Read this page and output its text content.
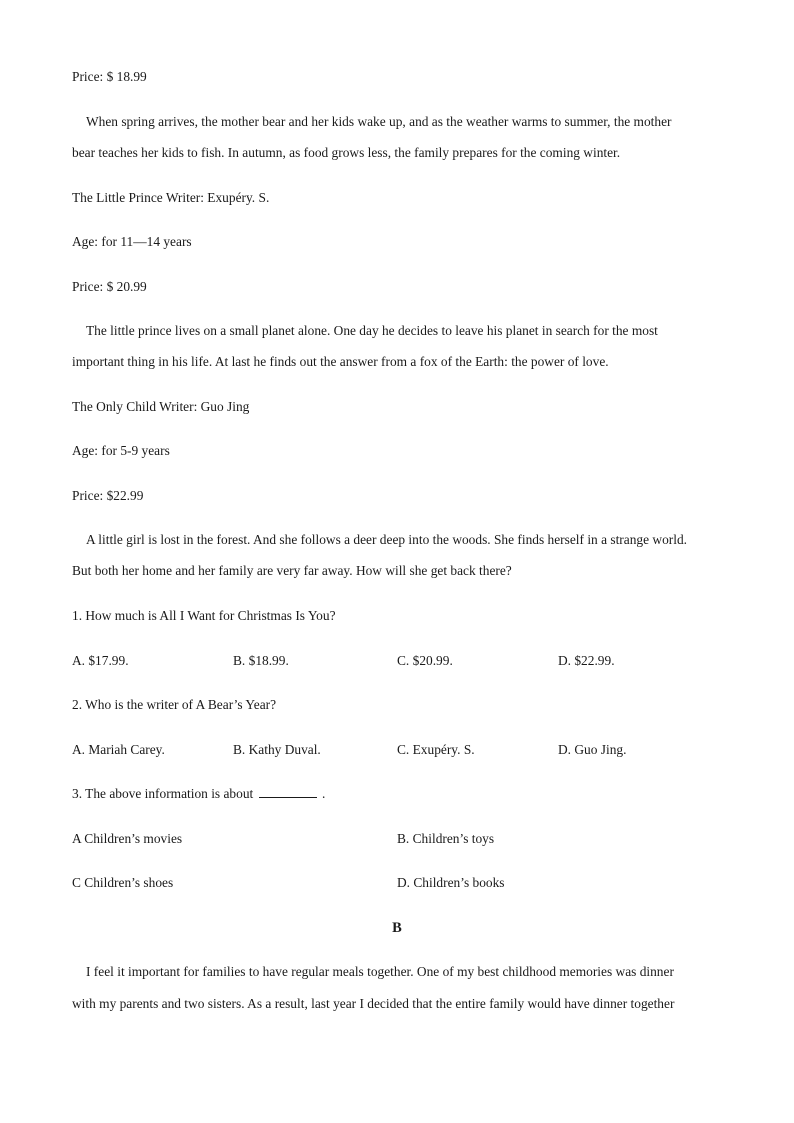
Price: $ 18.99
When spring arrives, the mother bear and her kids wake up, and as the weather warms to summer, the mother
bear teaches her kids to fish. In autumn, as food grows less, the family prepares for the coming winter.
The Little Prince Writer: Exupéry. S.
Age: for 11—14 years
Price: $ 20.99
The little prince lives on a small planet alone. One day he decides to leave his planet in search for the most
important thing in his life. At last he finds out the answer from a fox of the Earth: the power of love.
The Only Child Writer: Guo Jing
Age: for 5-9 years
Price: $22.99
A little girl is lost in the forest. And she follows a deer deep into the woods. She finds herself in a strange world.
But both her home and her family are very far away. How will she get back there?
1. How much is All I Want for Christmas Is You?
A. $17.99.	B. $18.99.	C. $20.99.	D. $22.99.
2. Who is the writer of A Bear’s Year?
A. Mariah Carey.	B. Kathy Duval.	C. Exupéry. S.	D. Guo Jing.
3. The above information is about	.
A Children’s movies	B. Children’s toys
C Children’s shoes	D. Children’s books
B
I feel it important for families to have regular meals together. One of my best childhood memories was dinner
with my parents and two sisters. As a result, last year I decided that the entire family would have dinner together
